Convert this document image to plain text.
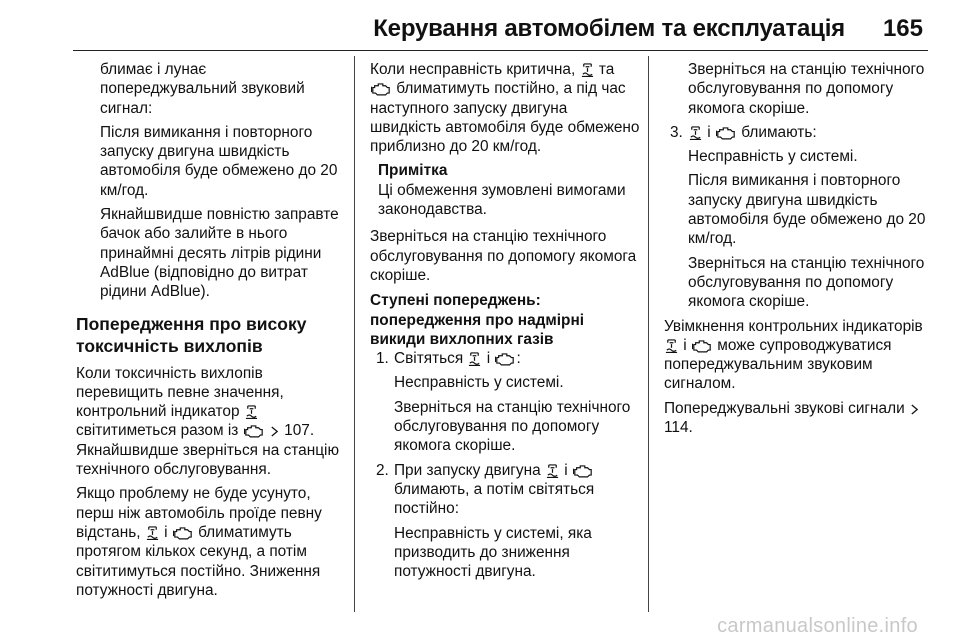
Керування автомобілем та експлуатація 165

блимає і лунає попереджувальний звуковий сигнал:

Після вимикання і повторного запуску двигуна швидкість автомобіля буде обмежено до 20 км/год.

Якнайшвидше повністю заправте бачок або залийте в нього принаймні десять літрів рідини AdBlue (відповідно до витрат рідини AdBlue).

Попередження про високу токсичність вихлопів

Коли токсичність вихлопів перевищить певне значення, контрольний індикатор
світитиметься разом із
	107. Якнайшвидше зверніться на станцію технічного обслуговування.

Якщо проблему не буде усунуто, перш ніж автомобіль проїде певну відстань, і блиматимуть протягом кількох секунд, а потім світитимуться постійно. Зниження потужності двигуна.

Коли несправність критична, та
блиматимуть постійно, а під час наступного запуску двигуна швидкість автомобіля буде обмежено приблизно до 20 км/год.

Примітка
Ці обмеження зумовлені вимогами законодавства.

Зверніться на станцію технічного обслуговування по допомогу якомога скоріше.

Ступені попереджень: попередження про надмірні викиди вихлопних газів
1. Світяться і :

Несправність у системі.

Зверніться на станцію технічного обслуговування по допомогу якомога скоріше.

2. При запуску двигуна і
блимають, а потім світяться постійно:

Несправність у системі, яка призводить до зниження потужності двигуна.

Зверніться на станцію технічного обслуговування по допомогу якомога скоріше.

3.	і блимають:

Несправність у системі.

Після вимикання і повторного запуску двигуна швидкість автомобіля буде обмежено до 20 км/год.

Зверніться на станцію технічного обслуговування по допомогу якомога скоріше.

Увімкнення контрольних індикаторів
і може супроводжуватися попереджувальним звуковим сигналом.

Попереджувальні звукові сигнали
114.

carmanualsonline.info
